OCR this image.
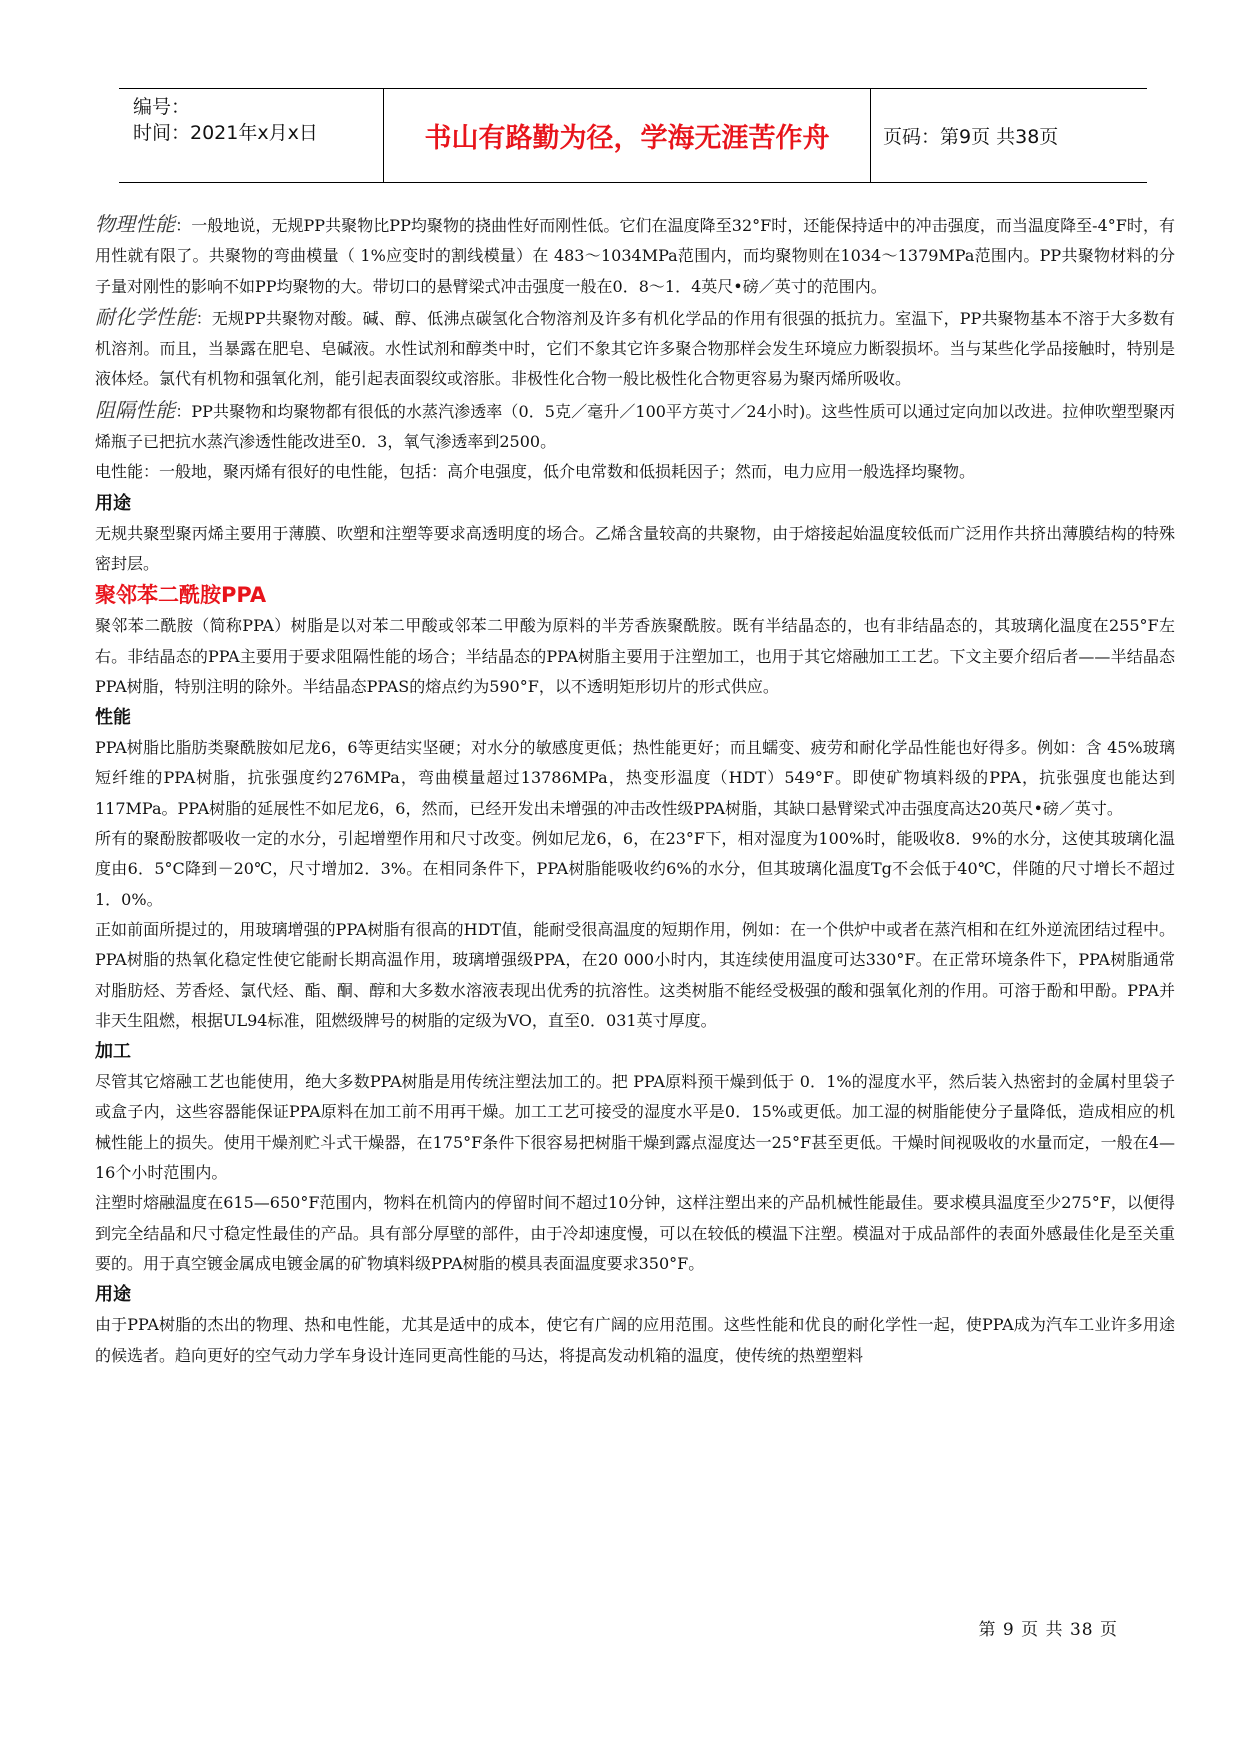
编号：
时间：2021年x月x日	书山有路勤为径，学海无涯苦作舟	页码：第9页 共38页

物理性能：一般地说，无规PP共聚物比PP均聚物的挠曲性好而刚性低。它们在温度降至32°F时，还能保持适中的冲击强度，而当温度降至-4°F时，有用性就有限了。共聚物的弯曲模量（ 1%应变时的割线模量）在 483～1034MPa范围内，而均聚物则在1034～1379MPa范围内。PP共聚物材料的分子量对刚性的影响不如PP均聚物的大。带切口的悬臂梁式冲击强度一般在0．8～1．4英尺•磅／英寸的范围内。

耐化学性能：无规PP共聚物对酸。碱、醇、低沸点碳氢化合物溶剂及许多有机化学品的作用有很强的抵抗力。室温下，PP共聚物基本不溶于大多数有机溶剂。而且，当暴露在肥皂、皂碱液。水性试剂和醇类中时，它们不象其它许多聚合物那样会发生环境应力断裂损坏。当与某些化学品接触时，特别是液体烃。氯代有机物和强氧化剂，能引起表面裂纹或溶胀。非极性化合物一般比极性化合物更容易为聚丙烯所吸收。

阻隔性能：PP共聚物和均聚物都有很低的水蒸汽渗透率（0．5克／毫升／100平方英寸／24小时)。这些性质可以通过定向加以改进。拉伸吹塑型聚丙烯瓶子已把抗水蒸汽渗透性能改进至0．3，氧气渗透率到2500。

电性能：一般地，聚丙烯有很好的电性能，包括：高介电强度，低介电常数和低损耗因子；然而，电力应用一般选择均聚物。

用途

无规共聚型聚丙烯主要用于薄膜、吹塑和注塑等要求高透明度的场合。乙烯含量较高的共聚物，由于熔接起始温度较低而广泛用作共挤出薄膜结构的特殊密封层。

聚邻苯二酰胺PPA

聚邻苯二酰胺（简称PPA）树脂是以对苯二甲酸或邻苯二甲酸为原料的半芳香族聚酰胺。既有半结晶态的，也有非结晶态的，其玻璃化温度在255°F左右。非结晶态的PPA主要用于要求阻隔性能的场合；半结晶态的PPA树脂主要用于注塑加工，也用于其它熔融加工工艺。下文主要介绍后者——半结晶态PPA树脂，特别注明的除外。半结晶态PPAS的熔点约为590°F，以不透明矩形切片的形式供应。

性能

PPA树脂比脂肪类聚酰胺如尼龙6，6等更结实坚硬；对水分的敏感度更低；热性能更好；而且蠕变、疲劳和耐化学品性能也好得多。例如：含 45%玻璃短纤维的PPA树脂，抗张强度约276MPa，弯曲模量超过13786MPa，热变形温度（HDT）549°F。即使矿物填料级的PPA，抗张强度也能达到117MPa。PPA树脂的延展性不如尼龙6，6，然而，已经开发出未增强的冲击改性级PPA树脂，其缺口悬臂梁式冲击强度高达20英尺•磅／英寸。

所有的聚酚胺都吸收一定的水分，引起增塑作用和尺寸改变。例如尼龙6，6，在23°F下，相对湿度为100%时，能吸收8．9%的水分，这使其玻璃化温度由6．5°C降到－20℃，尺寸增加2．3%。在相同条件下，PPA树脂能吸收约6%的水分，但其玻璃化温度Tg不会低于40℃，伴随的尺寸增长不超过 1．0%。

正如前面所提过的，用玻璃增强的PPA树脂有很高的HDT值，能耐受很高温度的短期作用，例如：在一个供炉中或者在蒸汽相和在红外逆流团结过程中。PPA树脂的热氧化稳定性使它能耐长期高温作用，玻璃增强级PPA，在20 000小时内，其连续使用温度可达330°F。在正常环境条件下，PPA树脂通常对脂肪烃、芳香烃、氯代烃、酯、酮、醇和大多数水溶液表现出优秀的抗溶性。这类树脂不能经受极强的酸和强氧化剂的作用。可溶于酚和甲酚。PPA并非天生阻燃，根据UL94标准，阻燃级牌号的树脂的定级为VO，直至0．031英寸厚度。

加工

尽管其它熔融工艺也能使用，绝大多数PPA树脂是用传统注塑法加工的。把 PPA原料预干燥到低于 0．1%的湿度水平，然后装入热密封的金属村里袋子或盒子内，这些容器能保证PPA原料在加工前不用再干燥。加工工艺可接受的湿度水平是0．15%或更低。加工湿的树脂能使分子量降低，造成相应的机械性能上的损失。使用干燥剂贮斗式干燥器，在175°F条件下很容易把树脂干燥到露点湿度达一25°F甚至更低。干燥时间视吸收的水量而定，一般在4—16个小时范围内。

注塑时熔融温度在615—650°F范围内，物料在机筒内的停留时间不超过10分钟，这样注塑出来的产品机械性能最佳。要求模具温度至少275°F，以便得到完全结晶和尺寸稳定性最佳的产品。具有部分厚壁的部件，由于冷却速度慢，可以在较低的模温下注塑。模温对于成品部件的表面外感最佳化是至关重要的。用于真空镀金属成电镀金属的矿物填料级PPA树脂的模具表面温度要求350°F。

用途

由于PPA树脂的杰出的物理、热和电性能，尤其是适中的成本，使它有广阔的应用范围。这些性能和优良的耐化学性一起，使PPA成为汽车工业许多用途的候选者。趋向更好的空气动力学车身设计连同更高性能的马达，将提高发动机箱的温度，使传统的热塑塑料

第 9 页 共 38 页
